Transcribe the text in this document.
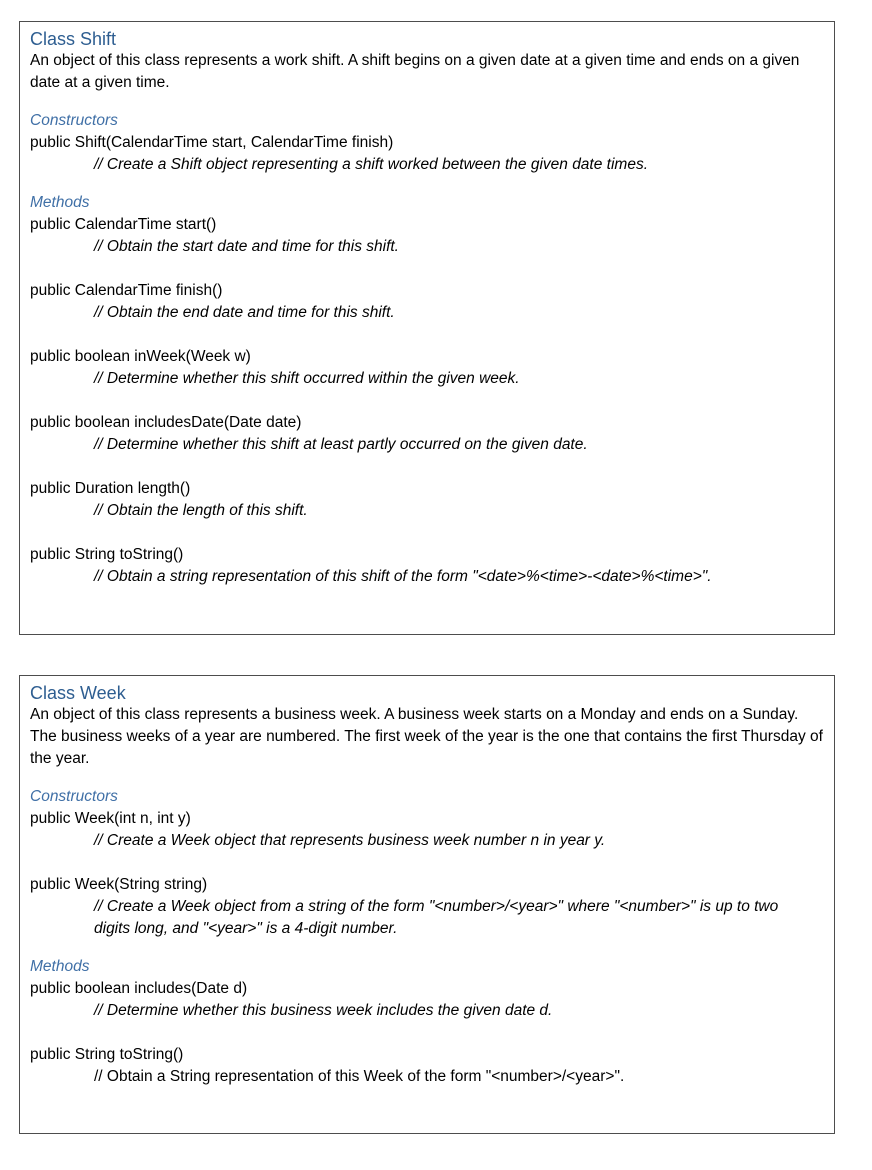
Class Shift
An object of this class represents a work shift. A shift begins on a given date at a given time and ends on a given date at a given time.
Constructors
public Shift(CalendarTime start, CalendarTime finish)
// Create a Shift object representing a shift worked between the given date times.
Methods
public CalendarTime start()
// Obtain the start date and time for this shift.
public CalendarTime finish()
// Obtain the end date and time for this shift.
public boolean inWeek(Week w)
// Determine whether this shift occurred within the given week.
public boolean includesDate(Date date)
// Determine whether this shift at least partly occurred on the given date.
public Duration length()
// Obtain the length of this shift.
public String toString()
// Obtain a string representation of this shift of the form "<date>%<time>-<date>%<time>".
Class Week
An object of this class represents a business week. A business week starts on a Monday and ends on a Sunday. The business weeks of a year are numbered. The first week of the year is the one that contains the first Thursday of the year.
Constructors
public Week(int n, int y)
// Create a Week object that represents business week number n in year y.
public Week(String string)
// Create a Week object from a string of the form "<number>/<year>" where "<number>" is up to two digits long, and "<year>" is a 4-digit number.
Methods
public boolean includes(Date d)
// Determine whether this business week includes the given date d.
public String toString()
// Obtain a String representation of this Week of the form "<number>/<year>".
